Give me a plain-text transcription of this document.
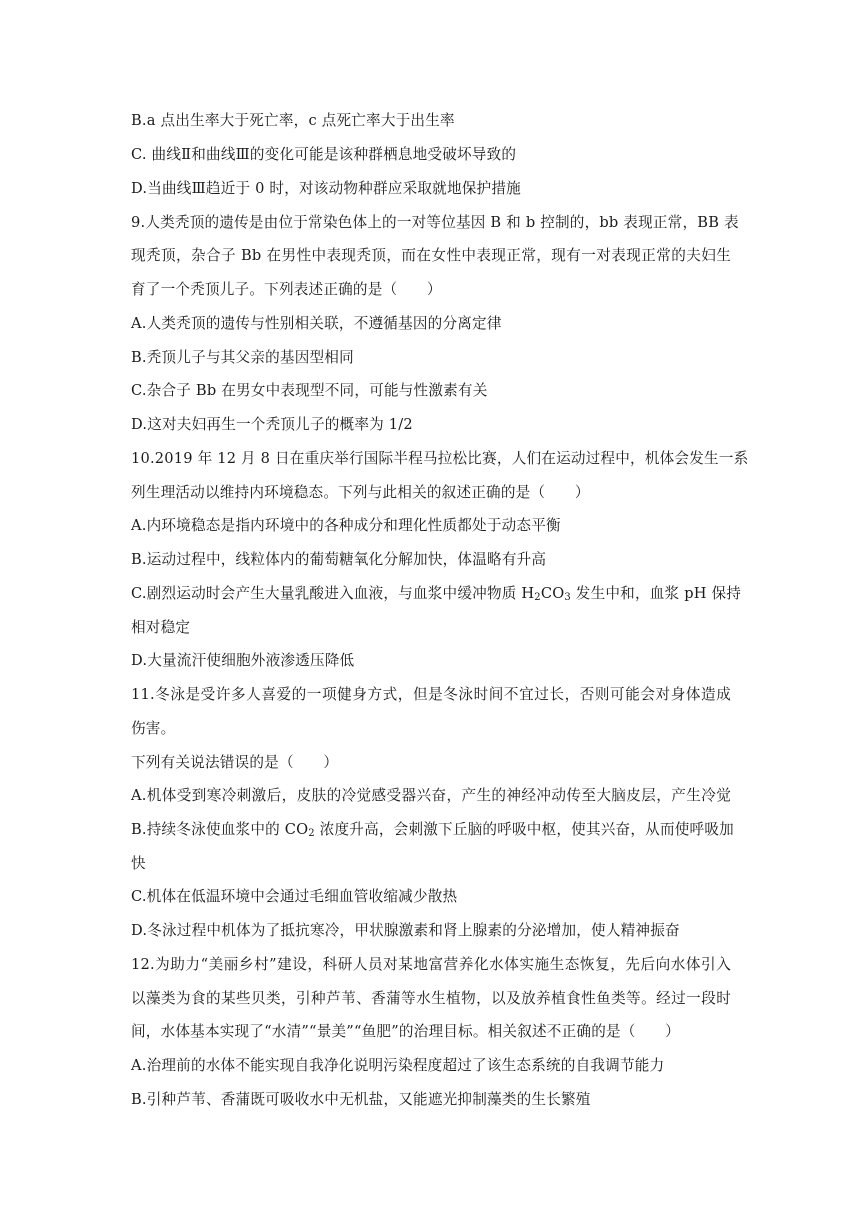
B.a 点出生率大于死亡率，c 点死亡率大于出生率
C. 曲线Ⅱ和曲线Ⅲ的变化可能是该种群栖息地受破坏导致的
D.当曲线Ⅲ趋近于 0 时，对该动物种群应采取就地保护措施
9.人类秃顶的遗传是由位于常染色体上的一对等位基因 B 和 b 控制的，bb 表现正常，BB 表
现秃顶，杂合子 Bb 在男性中表现秃顶，而在女性中表现正常，现有一对表现正常的夫妇生
育了一个秃顶儿子。下列表述正确的是（　　）
A.人类秃顶的遗传与性别相关联，不遵循基因的分离定律
B.秃顶儿子与其父亲的基因型相同
C.杂合子 Bb 在男女中表现型不同，可能与性激素有关
D.这对夫妇再生一个秃顶儿子的概率为 1/2
10.2019 年 12 月 8 日在重庆举行国际半程马拉松比赛，人们在运动过程中，机体会发生一系
列生理活动以维持内环境稳态。下列与此相关的叙述正确的是（　　）
A.内环境稳态是指内环境中的各种成分和理化性质都处于动态平衡
B.运动过程中，线粒体内的葡萄糖氧化分解加快，体温略有升高
C.剧烈运动时会产生大量乳酸进入血液，与血浆中缓冲物质 $H_2CO_3$ 发生中和，血浆 pH 保持
相对稳定
D.大量流汗使细胞外液渗透压降低
11.冬泳是受许多人喜爱的一项健身方式，但是冬泳时间不宜过长，否则可能会对身体造成
伤害。
下列有关说法错误的是（　　）
A.机体受到寒冷刺激后，皮肤的冷觉感受器兴奋，产生的神经冲动传至大脑皮层，产生冷觉
B.持续冬泳使血浆中的 $CO_2$ 浓度升高，会刺激下丘脑的呼吸中枢，使其兴奋，从而使呼吸加
快
C.机体在低温环境中会通过毛细血管收缩减少散热
D.冬泳过程中机体为了抵抗寒冷，甲状腺激素和肾上腺素的分泌增加，使人精神振奋
12.为助力“美丽乡村”建设，科研人员对某地富营养化水体实施生态恢复，先后向水体引入
以藻类为食的某些贝类，引种芦苇、香蒲等水生植物，以及放养植食性鱼类等。经过一段时
间，水体基本实现了“水清”“景美”“鱼肥”的治理目标。相关叙述不正确的是（　　）
A.治理前的水体不能实现自我净化说明污染程度超过了该生态系统的自我调节能力
B.引种芦苇、香蒲既可吸收水中无机盐，又能遮光抑制藻类的生长繁殖
